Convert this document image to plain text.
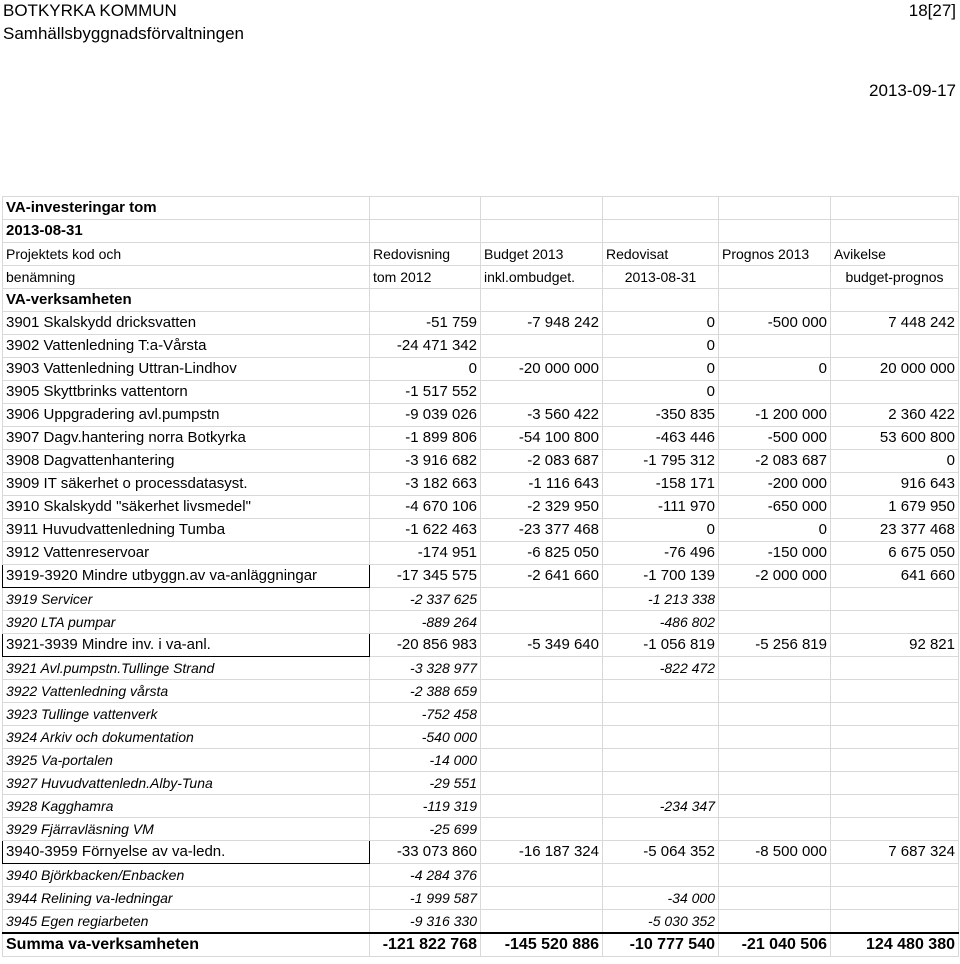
BOTKYRKA KOMMUN
Samhällsbyggnadsförvaltningen
18[27]
2013-09-17
VA-investeringar tom					
2013-08-31					
Projektets kod och	Redovisning	Budget 2013	Redovisat	Prognos 2013	Avikelse
benämning	tom 2012	inkl.ombudget.	2013-08-31		budget-prognos
VA-verksamheten					
3901 Skalskydd dricksvatten	-51 759	-7 948 242	0	-500 000	7 448 242
3902 Vattenledning T:a-Vårsta	-24 471 342		0		
3903 Vattenledning Uttran-Lindhov	0	-20 000 000	0	0	20 000 000
3905 Skyttbrinks vattentorn	-1 517 552		0		
3906 Uppgradering avl.pumpstn	-9 039 026	-3 560 422	-350 835	-1 200 000	2 360 422
3907 Dagv.hantering norra Botkyrka	-1 899 806	-54 100 800	-463 446	-500 000	53 600 800
3908 Dagvattenhantering	-3 916 682	-2 083 687	-1 795 312	-2 083 687	0
3909 IT säkerhet o processdatasyst.	-3 182 663	-1 116 643	-158 171	-200 000	916 643
3910 Skalskydd "säkerhet livsmedel"	-4 670 106	-2 329 950	-111 970	-650 000	1 679 950
3911 Huvudvattenledning Tumba	-1 622 463	-23 377 468	0	0	23 377 468
3912 Vattenreservoar	-174 951	-6 825 050	-76 496	-150 000	6 675 050
3919-3920 Mindre utbyggn.av va-anläggningar	-17 345 575	-2 641 660	-1 700 139	-2 000 000	641 660
3919 Servicer	-2 337 625		-1 213 338		
3920 LTA pumpar	-889 264		-486 802		
3921-3939 Mindre inv. i va-anl.	-20 856 983	-5 349 640	-1 056 819	-5 256 819	92 821
3921 Avl.pumpstn.Tullinge Strand	-3 328 977		-822 472		
3922 Vattenledning vårsta	-2 388 659				
3923 Tullinge vattenverk	-752 458				
3924 Arkiv och dokumentation	-540 000				
3925 Va-portalen	-14 000				
3927 Huvudvattenledn.Alby-Tuna	-29 551				
3928 Kagghamra	-119 319		-234 347		
3929 Fjärravläsning VM	-25 699				
3940-3959 Förnyelse av va-ledn.	-33 073 860	-16 187 324	-5 064 352	-8 500 000	7 687 324
3940 Björkbacken/Enbacken	-4 284 376				
3944 Relining va-ledningar	-1 999 587		-34 000		
3945 Egen regiarbeten	-9 316 330		-5 030 352		
Summa va-verksamheten	-121 822 768	-145 520 886	-10 777 540	-21 040 506	124 480 380
